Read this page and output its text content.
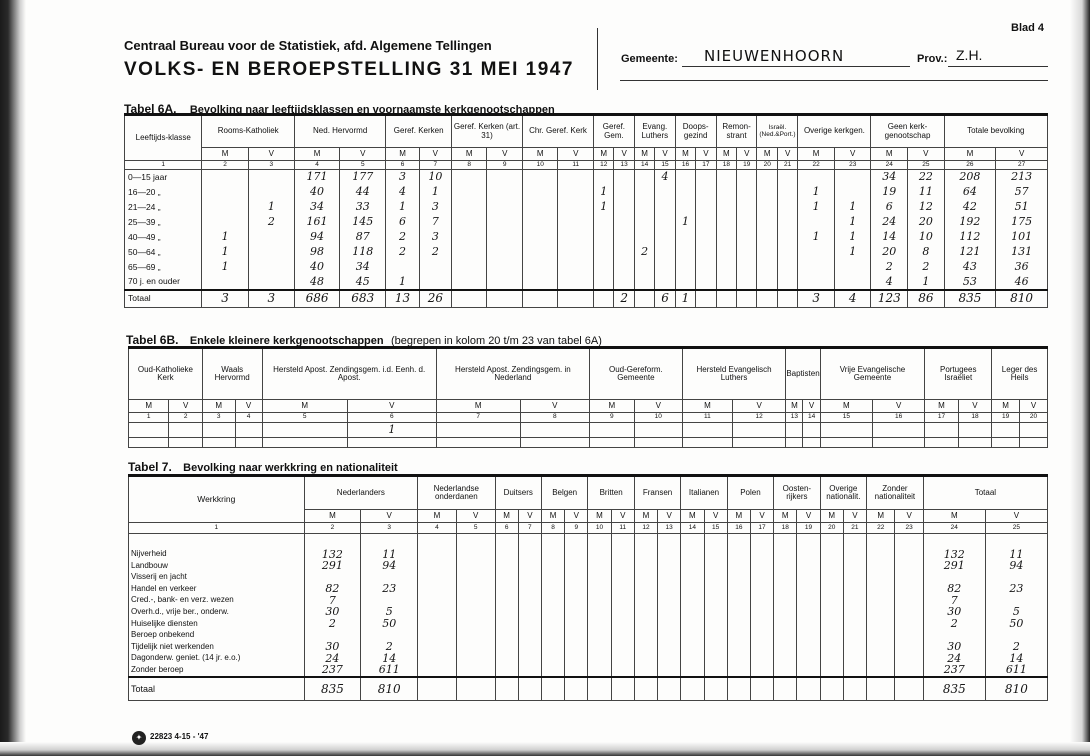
Centraal Bureau voor de Statistiek, afd. Algemene Tellingen
VOLKS- EN BEROEPSTELLING 31 MEI 1947
Blad 4
Gemeente: NIEUWENHOORN	Prov.: Z.H.
Tabel 6A. Bevolking naar leeftijdsklassen en voornaamste kerkgenootschappen
Leeftijds-klasse	Rooms-Katholiek		Ned. Hervormd		Geref. Kerken		Geref. Kerken (art. 31)		Chr. Geref. Kerk		Geref. Gem.		Evang. Luthers		Doops-gezind		Remon-strant		Israël. (Ned.&Port.)		Overige kerkgen.		Geen kerk-genootschap		Totale bevolking	
	M	V	M	V	M	V	M	V	M	V	M	V	M	V	M	V	M	V	M	V	M	V	M	V	M	V
1	2	3	4	5	6	7	8	9	10	11	12	13	14	15	16	17	18	19	20	21	22	23	24	25	26	27
0—15 jaar			171	177	3	10								4									34	22	208	213
16—20 „			40	44	4	1					1										1		19	11	64	57
21—24 „		1	34	33	1	3					1										1	1	6	12	42	51
25—39 „		2	161	145	6	7									1							1	24	20	192	175
40—49 „	1		94	87	2	3															1	1	14	10	112	101
50—64 „	1		98	118	2	2							2									1	20	8	121	131
65—69 „	1		40	34																			2	2	43	36
70 j. en ouder			48	45	1																		4	1	53	46
Totaal	3	3	686	683	13	26						2		6	1						3	4	123	86	835	810
Tabel 6B. Enkele kleinere kerkgenootschappen (begrepen in kolom 20 t/m 23 van tabel 6A)
Oud-Katholieke Kerk		Waals Hervormd		Hersteld Apost. Zendingsgem. i.d. Eenh. d. Apost.		Hersteld Apost. Zendingsgem. in Nederland		Oud-Gereform. Gemeente		Hersteld Evangelisch Luthers		Baptisten		Vrije Evangelische Gemeente		Portugees Israëliet		Leger des Heils	
M	V	M	V	M	V	M	V	M	V	M	V	M	V	M	V	M	V	M	V
1	2	3	4	5	6	7	8	9	10	11	12	13	14	15	16	17	18	19	20
					1														

Tabel 7. Bevolking naar werkkring en nationaliteit
Werkkring	Nederlanders		Nederlandse onderdanen		Duitsers		Belgen		Britten		Fransen		Italianen		Polen		Oosten-rijkers		Overige nationalit.		Zonder nationaliteit		Totaal	
	M	V	M	V	M	V	M	V	M	V	M	V	M	V	M	V	M	V	M	V	M	V	M	V
1	2	3	4	5	6	7	8	9	10	11	12	13	14	15	16	17	18	19	20	21	22	23	24	25

Nijverheid	132	11																					132	11
Landbouw	291	94																					291	94
Visserij en jacht																								
Handel en verkeer	82	23																					82	23
Cred.-, bank- en verz. wezen	7																						7	
Overh.d., vrije ber., onderw.	30	5																					30	5
Huiselijke diensten	2	50																					2	50
Beroep onbekend																								
Tijdelijk niet werkenden	30	2																					30	2
Dagonderw. geniet. (14 jr. e.o.)	24	14																					24	14
Zonder beroep	237	611																					237	611
Totaal	835	810																					835	810
✦ 22823 4-15 - '47
